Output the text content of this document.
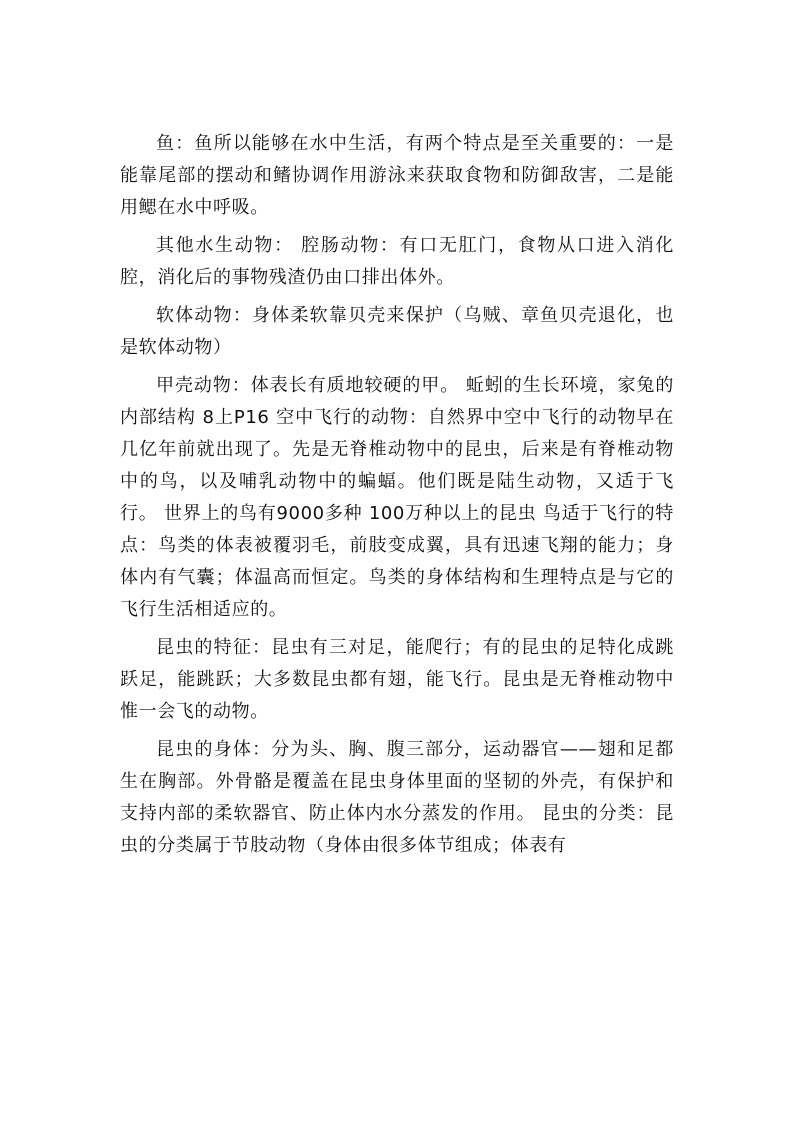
鱼：鱼所以能够在水中生活，有两个特点是至关重要的：一是能靠尾部的摆动和鳍协调作用游泳来获取食物和防御敌害，二是能用鳃在水中呼吸。

其他水生动物： 腔肠动物：有口无肛门，食物从口进入消化腔，消化后的事物残渣仍由口排出体外。

软体动物：身体柔软靠贝壳来保护（乌贼、章鱼贝壳退化，也是软体动物）

甲壳动物：体表长有质地较硬的甲。 蚯蚓的生长环境，家兔的内部结构 8上P16 空中飞行的动物：自然界中空中飞行的动物早在几亿年前就出现了。先是无脊椎动物中的昆虫，后来是有脊椎动物中的鸟，以及哺乳动物中的蝙蝠。他们既是陆生动物，又适于飞行。 世界上的鸟有9000多种 100万种以上的昆虫 鸟适于飞行的特点：鸟类的体表被覆羽毛，前肢变成翼，具有迅速飞翔的能力；身体内有气囊；体温高而恒定。鸟类的身体结构和生理特点是与它的飞行生活相适应的。

昆虫的特征：昆虫有三对足，能爬行；有的昆虫的足特化成跳跃足，能跳跃；大多数昆虫都有翅，能飞行。昆虫是无脊椎动物中惟一会飞的动物。

昆虫的身体：分为头、胸、腹三部分，运动器官——翅和足都生在胸部。外骨骼是覆盖在昆虫身体里面的坚韧的外壳，有保护和支持内部的柔软器官、防止体内水分蒸发的作用。 昆虫的分类：昆虫的分类属于节肢动物（身体由很多体节组成；体表有
